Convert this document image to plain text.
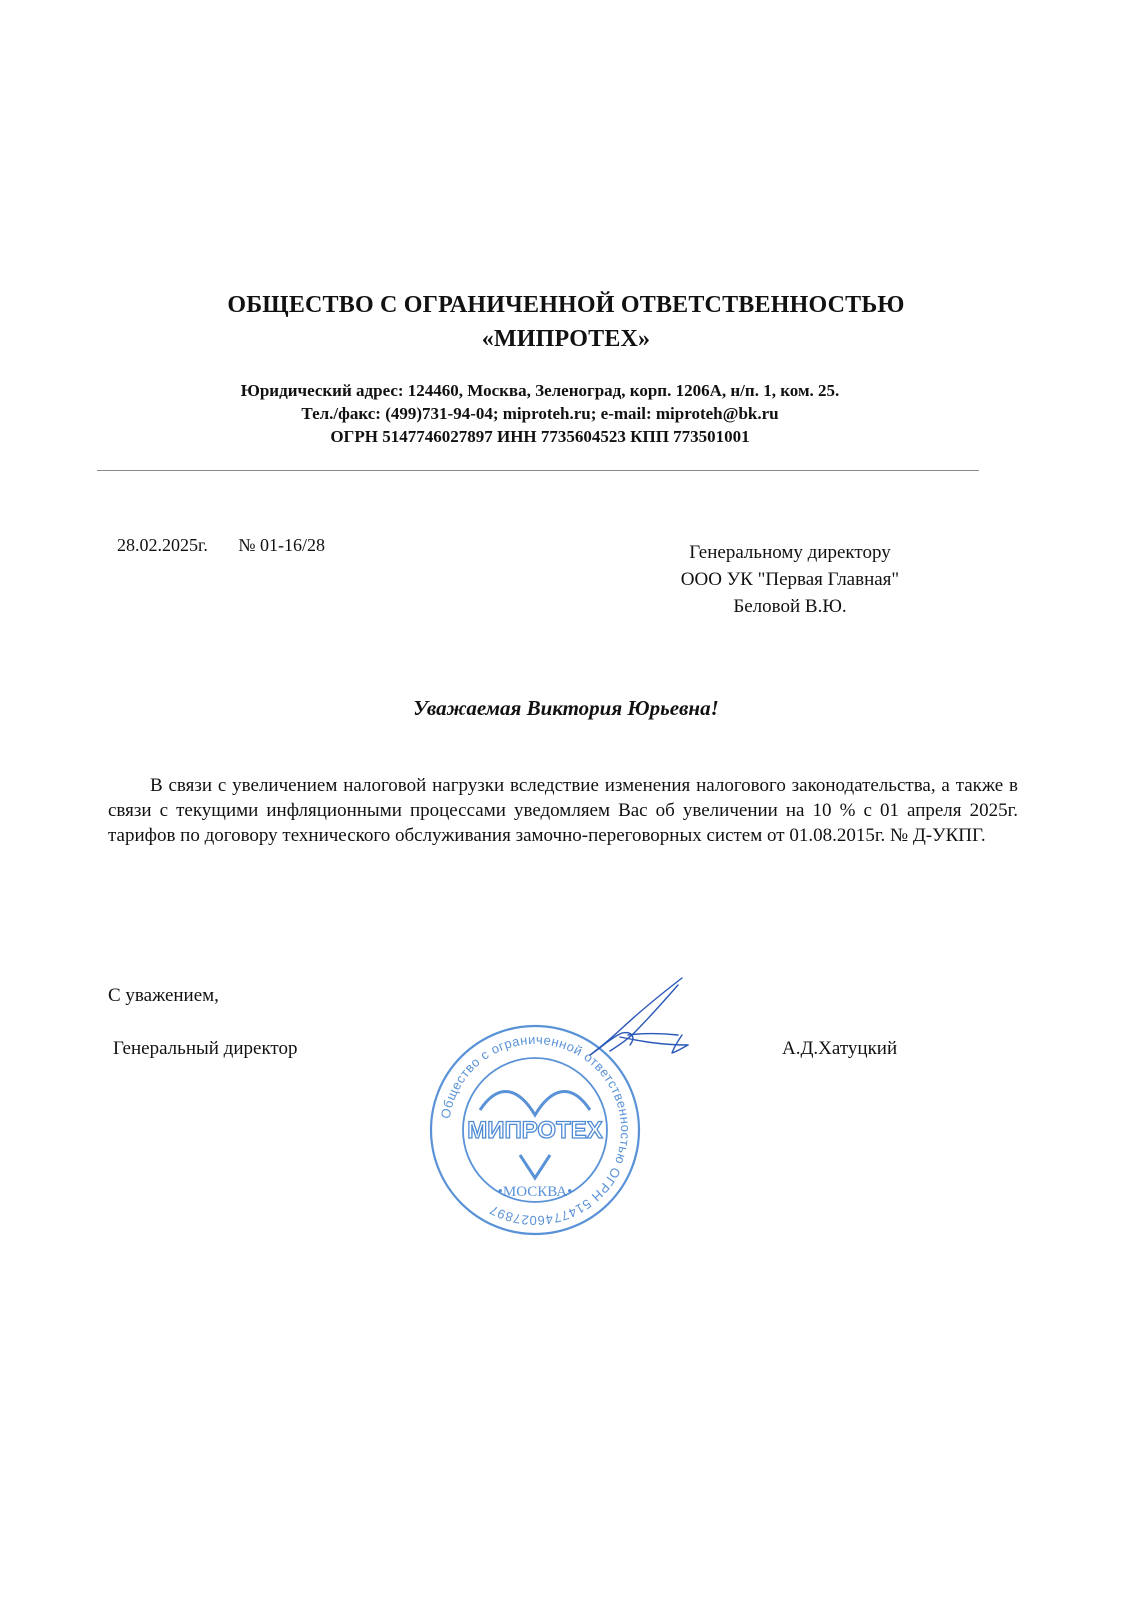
ОБЩЕСТВО С ОГРАНИЧЕННОЙ ОТВЕТСТВЕННОСТЬЮ
«МИПРОТЕХ»
Юридический адрес: 124460, Москва, Зеленоград, корп. 1206А, н/п. 1, ком. 25.
Тел./факс: (499)731-94-04; miproteh.ru; e-mail: miproteh@bk.ru
ОГРН 5147746027897 ИНН 7735604523 КПП 773501001
28.02.2025г. № 01-16/28	Генеральному директору
ООО УК "Первая Главная"
Беловой В.Ю.
Уважаемая Виктория Юрьевна!
В связи с увеличением налоговой нагрузки вследствие изменения налогового законодательства, а также в связи с текущими инфляционными процессами уведомляем Вас об увеличении на 10 % с 01 апреля 2025г. тарифов по договору технического обслуживания замочно-переговорных систем от 01.08.2015г. № Д-УКПГ.
С уважением,
Генеральный директор	А.Д.Хатуцкий
Общество с ограниченной ответственностью ОГРН 5147746027897
МИПРОТЕХ
•МОСКВА•
